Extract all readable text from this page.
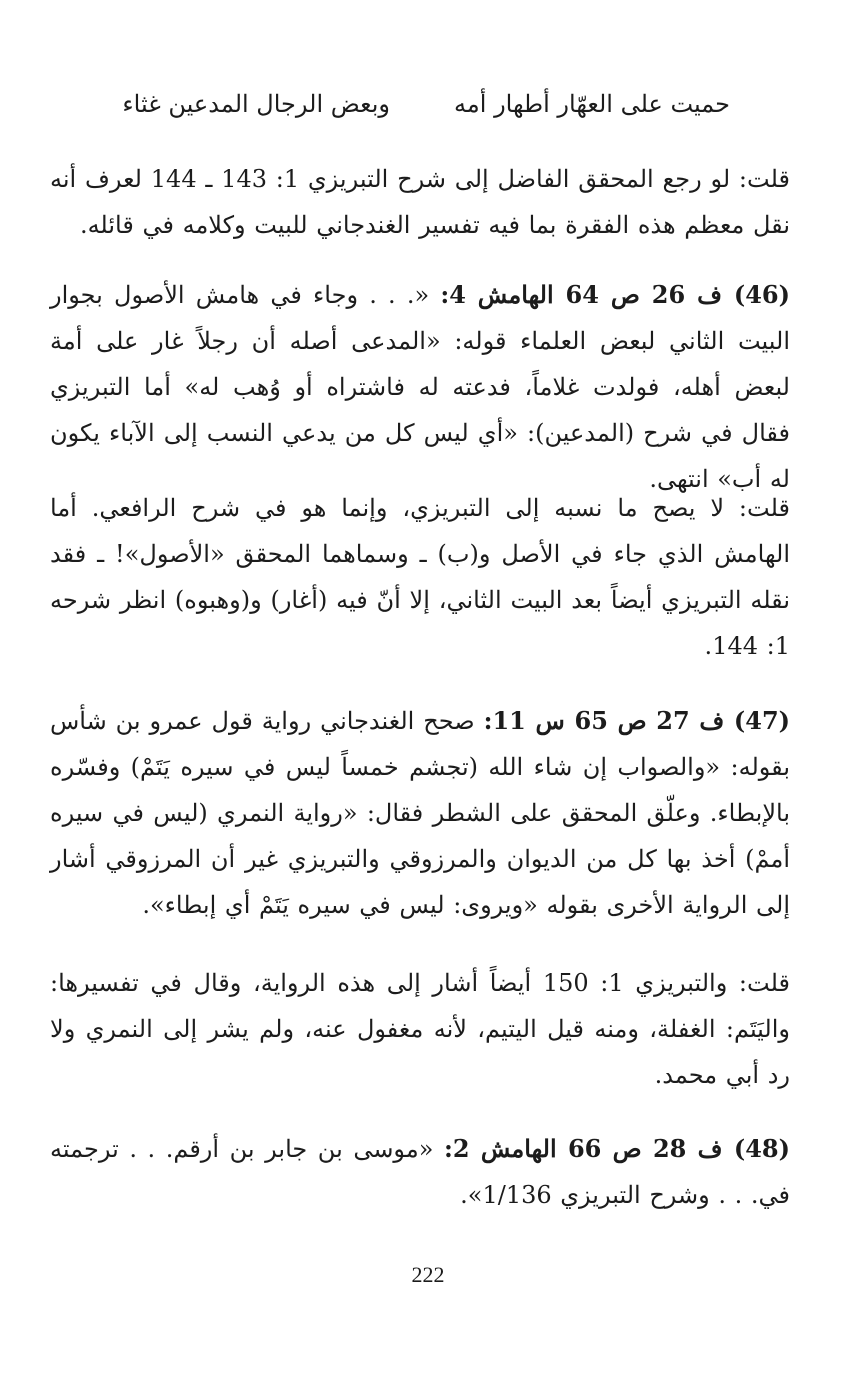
حميت على العهّار أطهار أمه
وبعض الرجال المدعين غثاء

قلت: لو رجع المحقق الفاضل إلى شرح التبريزي 1: 143 ـ 144 لعرف أنه نقل معظم هذه الفقرة بما فيه تفسير الغندجاني للبيت وكلامه في قائله.

(46) ف 26 ص 64 الهامش 4: «. . . وجاء في هامش الأصول بجوار البيت الثاني لبعض العلماء قوله: «المدعى أصله أن رجلاً غار على أمة لبعض أهله، فولدت غلاماً، فدعته له فاشتراه أو وُهب له» أما التبريزي فقال في شرح (المدعين): «أي ليس كل من يدعي النسب إلى الآباء يكون له أب» انتهى.

قلت: لا يصح ما نسبه إلى التبريزي، وإنما هو في شرح الرافعي. أما الهامش الذي جاء في الأصل و(ب) ـ وسماهما المحقق «الأصول»! ـ فقد نقله التبريزي أيضاً بعد البيت الثاني، إلا أنّ فيه (أغار) و(وهبوه) انظر شرحه 1: 144.

(47) ف 27 ص 65 س 11: صحح الغندجاني رواية قول عمرو بن شأس بقوله: «والصواب إن شاء الله (تجشم خمساً ليس في سيره يَتَمْ) وفسّره بالإبطاء. وعلّق المحقق على الشطر فقال: «رواية النمري (ليس في سيره أممْ) أخذ بها كل من الديوان والمرزوقي والتبريزي غير أن المرزوقي أشار إلى الرواية الأخرى بقوله «ويروى: ليس في سيره يَتَمْ أي إبطاء».

قلت: والتبريزي 1: 150 أيضاً أشار إلى هذه الرواية، وقال في تفسيرها: واليَتَم: الغفلة، ومنه قيل اليتيم، لأنه مغفول عنه، ولم يشر إلى النمري ولا رد أبي محمد.

(48) ف 28 ص 66 الهامش 2: «موسى بن جابر بن أرقم. . . ترجمته في. . . وشرح التبريزي 1/136».

222
